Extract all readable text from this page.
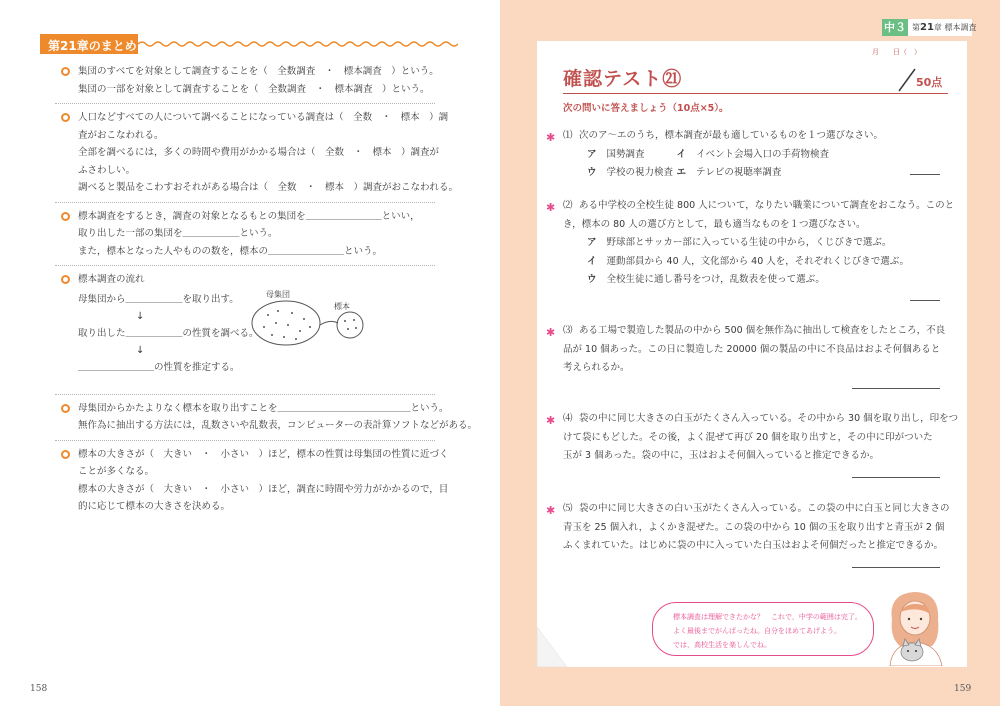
第21章のまとめ
集団のすべてを対象として調査することを（　全数調査　・　標本調査　）という。
集団の一部を対象として調査することを（　全数調査　・　標本調査　）という。
人口などすべての人について調べることになっている調査は（　全数　・　標本　）調
査がおこなわれる。
全部を調べるには，多くの時間や費用がかかる場合は（　全数　・　標本　）調査が
ふさわしい。
調べると製品をこわすおそれがある場合は（　全数　・　標本　）調査がおこなわれる。
標本調査をするとき，調査の対象となるもとの集団を＿＿＿＿＿＿＿＿といい，
取り出した一部の集団を＿＿＿＿＿＿という。
また，標本となった人やものの数を，標本の＿＿＿＿＿＿＿＿という。
標本調査の流れ
母集団から＿＿＿＿＿＿を取り出す。
↓
取り出した＿＿＿＿＿＿の性質を調べる。
↓
＿＿＿＿＿＿＿＿の性質を推定する。
母集団
標本
母集団からかたよりなく標本を取り出すことを＿＿＿＿＿＿＿＿＿＿＿＿＿＿という。
無作為に抽出する方法には，乱数さいや乱数表，コンピューターの表計算ソフトなどがある。
標本の大きさが（　大きい　・　小さい　）ほど，標本の性質は母集団の性質に近づく
ことが多くなる。
標本の大きさが（　大きい　・　小さい　）ほど，調査に時間や労力がかかるので，目
的に応じて標本の大きさを決める。
158
中３ 第21章 標本調査
月　　日（　）
確認テスト㉑	50点
次の問いに答えましょう（10点×5）。
✱ ⑴ 次のア〜エのうち，標本調査が最も適しているものを１つ選びなさい。
ア 国勢調査	イ イベント会場入口の手荷物検査
ウ 学校の視力検査 エ テレビの視聴率調査
✱ ⑵ ある中学校の全校生徒 800 人について，なりたい職業について調査をおこなう。このと
き，標本の 80 人の選び方として，最も適当なものを１つ選びなさい。
ア 野球部とサッカー部に入っている生徒の中から，くじびきで選ぶ。
イ 運動部員から 40 人，文化部から 40 人を，それぞれくじびきで選ぶ。
ウ 全校生徒に通し番号をつけ，乱数表を使って選ぶ。
✱ ⑶ ある工場で製造した製品の中から 500 個を無作為に抽出して検査をしたところ，不良
品が 10 個あった。この日に製造した 20000 個の製品の中に不良品はおよそ何個あると
考えられるか。
✱ ⑷ 袋の中に同じ大きさの白玉がたくさん入っている。その中から 30 個を取り出し，印をつ
けて袋にもどした。その後，よく混ぜて再び 20 個を取り出すと，その中に印がついた
玉が 3 個あった。袋の中に，玉はおよそ何個入っていると推定できるか。
✱ ⑸ 袋の中に同じ大きさの白い玉がたくさん入っている。この袋の中に白玉と同じ大きさの
青玉を 25 個入れ，よくかき混ぜた。この袋の中から 10 個の玉を取り出すと青玉が 2 個
ふくまれていた。はじめに袋の中に入っていた白玉はおよそ何個だったと推定できるか。
標本調査は理解できたかな？　これで，中学の範囲は完了。
よく最後までがんばったね。自分をほめてあげよう。
では，高校生活を楽しんでね。
159
